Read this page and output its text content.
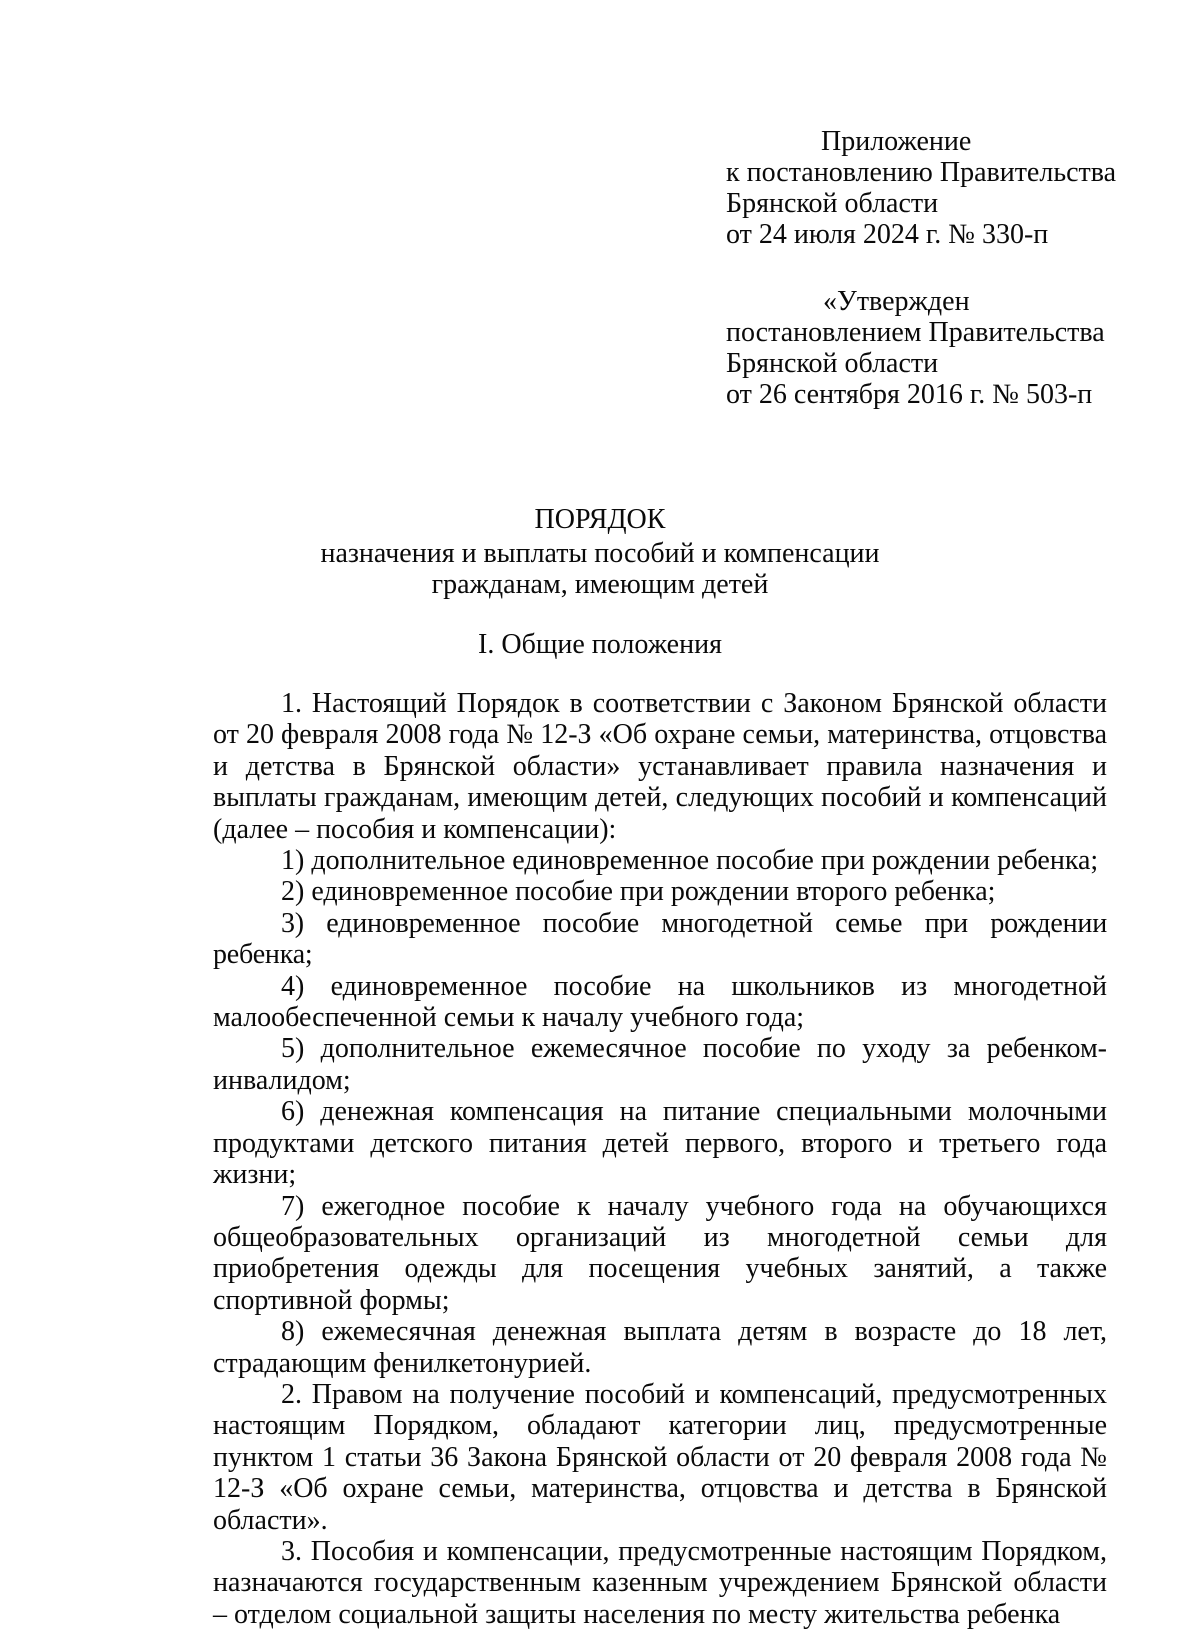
Приложение
к постановлению Правительства
Брянской области
от 24 июля 2024 г. № 330-п
«Утвержден
постановлением Правительства
Брянской области
от 26 сентября 2016 г. № 503-п
ПОРЯДОК
назначения и выплаты пособий и компенсации
гражданам, имеющим детей
I. Общие положения

1. Настоящий Порядок в соответствии с Законом Брянской области от 20 февраля 2008 года № 12-З «Об охране семьи, материнства, отцовства и детства в Брянской области» устанавливает правила назначения и выплаты гражданам, имеющим детей, следующих пособий и компенсаций (далее – пособия и компенсации):

1) дополнительное единовременное пособие при рождении ребенка;

2) единовременное пособие при рождении второго ребенка;

3) единовременное пособие многодетной семье при рождении ребенка;

4) единовременное пособие на школьников из многодетной малообеспеченной семьи к началу учебного года;

5) дополнительное ежемесячное пособие по уходу за ребенком-инвалидом;

6) денежная компенсация на питание специальными молочными продуктами детского питания детей первого, второго и третьего года жизни;

7) ежегодное пособие к началу учебного года на обучающихся общеобразовательных организаций из многодетной семьи для приобретения одежды для посещения учебных занятий, а также спортивной формы;

8) ежемесячная денежная выплата детям в возрасте до 18 лет, страдающим фенилкетонурией.

2. Правом на получение пособий и компенсаций, предусмотренных настоящим Порядком, обладают категории лиц, предусмотренные пунктом 1 статьи 36 Закона Брянской области от 20 февраля 2008 года № 12-З «Об охране семьи, материнства, отцовства и детства в Брянской области».

3. Пособия и компенсации, предусмотренные настоящим Порядком, назначаются государственным казенным учреждением Брянской области – отделом социальной защиты населения по месту жительства ребенка
